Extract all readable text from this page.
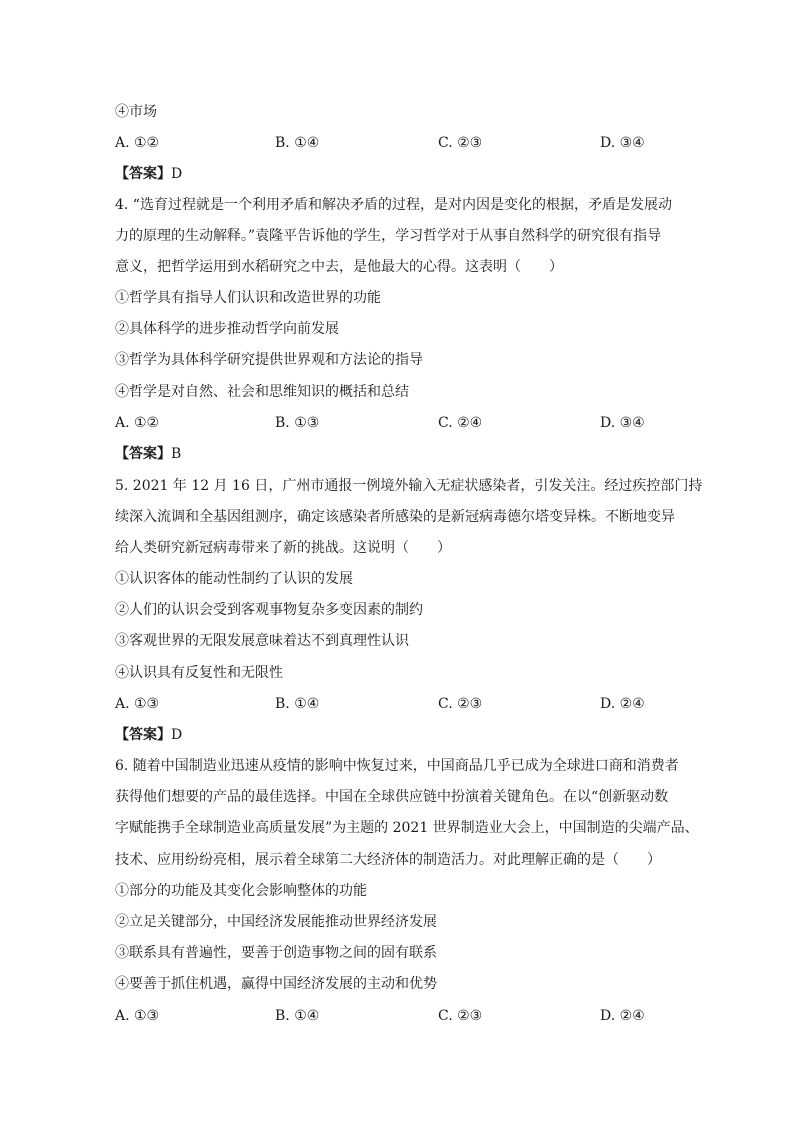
④市场
A. ①②	B. ①④	C. ②③	D. ③④
【答案】D
4. “选育过程就是一个利用矛盾和解决矛盾的过程，是对内因是变化的根据，矛盾是发展动
力的原理的生动解释。”袁隆平告诉他的学生，学习哲学对于从事自然科学的研究很有指导
意义，把哲学运用到水稻研究之中去，是他最大的心得。这表明（　　）
①哲学具有指导人们认识和改造世界的功能
②具体科学的进步推动哲学向前发展
③哲学为具体科学研究提供世界观和方法论的指导
④哲学是对自然、社会和思维知识的概括和总结
A. ①②	B. ①③	C. ②④	D. ③④
【答案】B
5. 2021 年 12 月 16 日，广州市通报一例境外输入无症状感染者，引发关注。经过疾控部门持
续深入流调和全基因组测序，确定该感染者所感染的是新冠病毒德尔塔变异株。不断地变异
给人类研究新冠病毒带来了新的挑战。这说明（　　）
①认识客体的能动性制约了认识的发展
②人们的认识会受到客观事物复杂多变因素的制约
③客观世界的无限发展意味着达不到真理性认识
④认识具有反复性和无限性
A. ①③	B. ①④	C. ②③	D. ②④
【答案】D
6. 随着中国制造业迅速从疫情的影响中恢复过来，中国商品几乎已成为全球进口商和消费者
获得他们想要的产品的最佳选择。中国在全球供应链中扮演着关键角色。在以“创新驱动数
字赋能携手全球制造业高质量发展”为主题的 2021 世界制造业大会上，中国制造的尖端产品、
技术、应用纷纷亮相，展示着全球第二大经济体的制造活力。对此理解正确的是（　　）
①部分的功能及其变化会影响整体的功能
②立足关键部分，中国经济发展能推动世界经济发展
③联系具有普遍性，要善于创造事物之间的固有联系
④要善于抓住机遇，赢得中国经济发展的主动和优势
A. ①③	B. ①④	C. ②③	D. ②④
